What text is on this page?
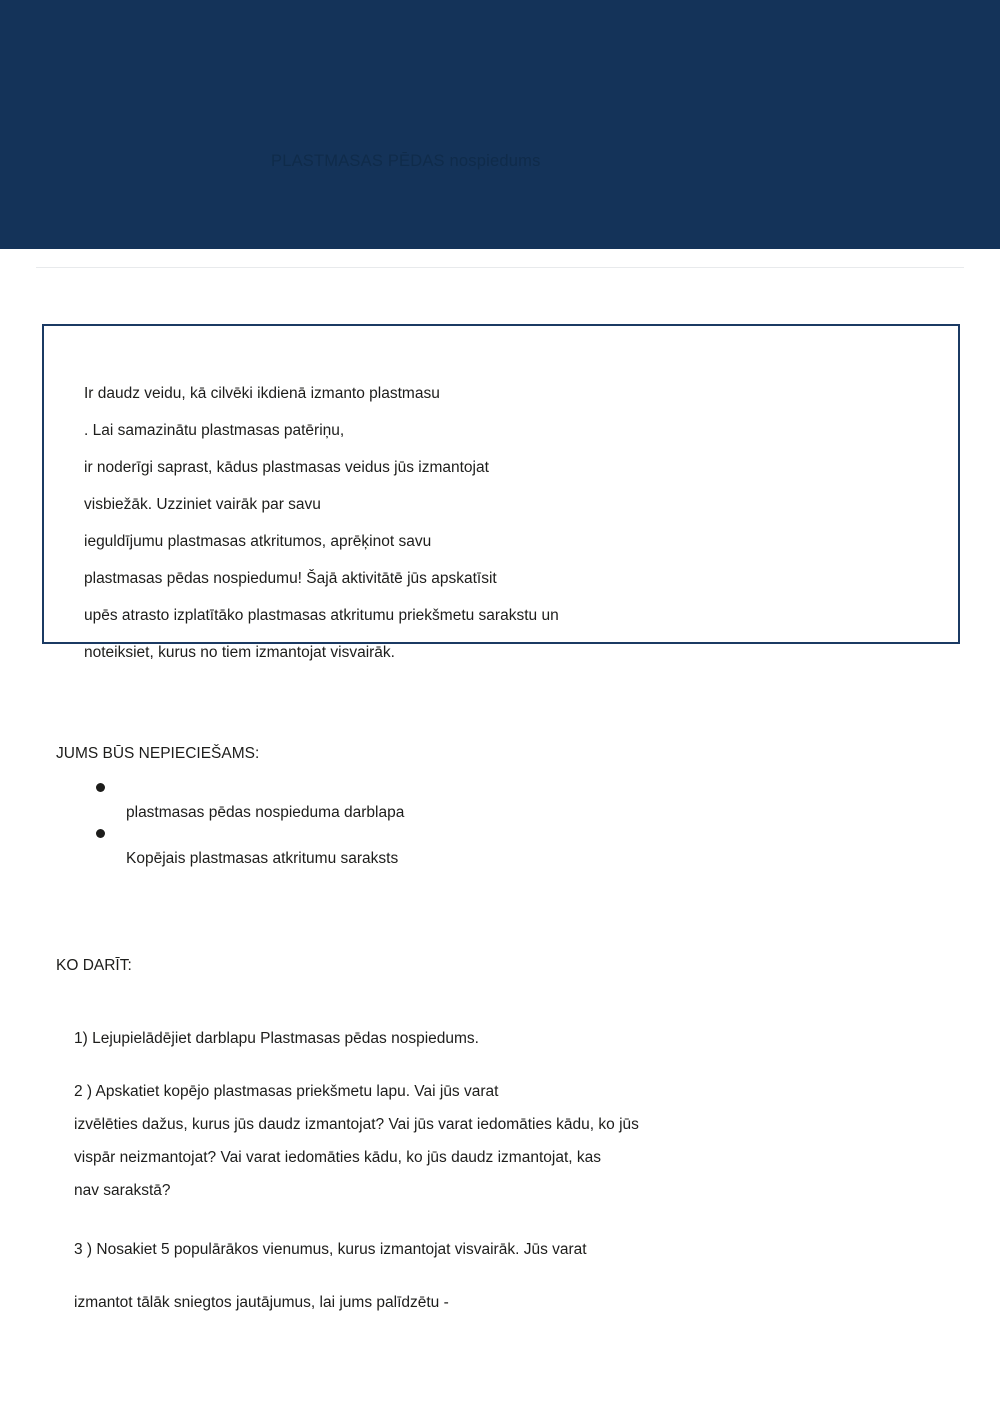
PLASTMASAS PĒDAS nospiedums
Ir daudz veidu, kā cilvēki ikdienā izmanto plastmasu
. Lai samazinātu plastmasas patēriņu,
ir noderīgi saprast, kādus plastmasas veidus jūs izmantojat
visbiežāk. Uzziniet vairāk par savu
ieguldījumu plastmasas atkritumos, aprēķinot savu
plastmasas pēdas nospiedumu! Šajā aktivitātē jūs apskatīsit
upēs atrasto izplatītāko plastmasas atkritumu priekšmetu sarakstu un
noteiksiet, kurus no tiem izmantojat visvairāk.
JUMS BŪS NEPIECIEŠAMS:
plastmasas pēdas nospieduma darblapa
Kopējais plastmasas atkritumu saraksts
KO DARĪT:
1) Lejupielādējiet darblapu Plastmasas pēdas nospiedums.
2 ) Apskatiet kopējo plastmasas priekšmetu lapu. Vai jūs varat
izvēlēties dažus, kurus jūs daudz izmantojat? Vai jūs varat iedomāties kādu, ko jūs
vispār neizmantojat? Vai varat iedomāties kādu, ko jūs daudz izmantojat, kas
nav sarakstā?
3 ) Nosakiet 5 populārākos vienumus, kurus izmantojat visvairāk. Jūs varat
izmantot tālāk sniegtos jautājumus, lai jums palīdzētu -
